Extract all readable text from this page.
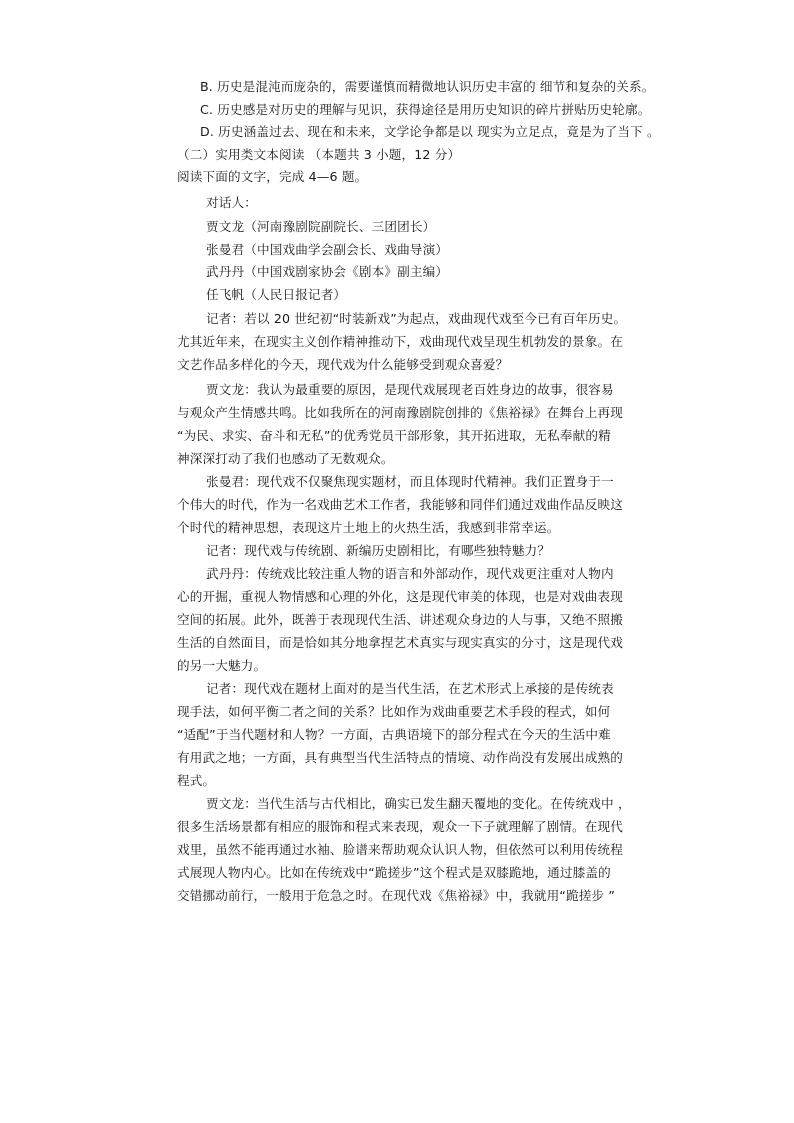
B. 历史是混沌而庞杂的，需要谨慎而精微地认识历史丰富的 细节和复杂的关系。
C. 历史感是对历史的理解与见识，获得途径是用历史知识的碎片拼贴历史轮廓。
D. 历史涵盖过去、现在和未来，文学论争都是以 现实为立足点，竟是为了当下 。
（二）实用类文本阅读 （本题共 3 小题，12 分）
阅读下面的文字，完成 4—6 题。
对话人：
贾文龙（河南豫剧院副院长、三团团长）
张曼君（中国戏曲学会副会长、戏曲导演）
武丹丹（中国戏剧家协会《剧本》副主编）
任飞帆（人民日报记者）
记者：若以 20 世纪初“时装新戏”为起点，戏曲现代戏至今已有百年历史。
尤其近年来，在现实主义创作精神推动下，戏曲现代戏呈现生机勃发的景象。在
文艺作品多样化的今天，现代戏为什么能够受到观众喜爱？
贾文龙：我认为最重要的原因，是现代戏展现老百姓身边的故事，很容易
与观众产生情感共鸣。比如我所在的河南豫剧院创排的《焦裕禄》在舞台上再现
“为民、求实、奋斗和无私”的优秀党员干部形象，其开拓进取，无私奉献的精
神深深打动了我们也感动了无数观众。
张曼君：现代戏不仅聚焦现实题材，而且体现时代精神。我们正置身于一
个伟大的时代，作为一名戏曲艺术工作者，我能够和同伴们通过戏曲作品反映这
个时代的精神思想，表现这片土地上的火热生活，我感到非常幸运。
记者：现代戏与传统剧、新编历史剧相比，有哪些独特魅力？
武丹丹：传统戏比较注重人物的语言和外部动作，现代戏更注重对人物内
心的开掘，重视人物情感和心理的外化，这是现代审美的体现，也是对戏曲表现
空间的拓展。此外，既善于表现现代生活、讲述观众身边的人与事，又绝不照搬
生活的自然面目，而是恰如其分地拿捏艺术真实与现实真实的分寸，这是现代戏
的另一大魅力。
记者：现代戏在题材上面对的是当代生活，在艺术形式上承接的是传统表
现手法，如何平衡二者之间的关系？比如作为戏曲重要艺术手段的程式，如何
“适配”于当代题材和人物？一方面，古典语境下的部分程式在今天的生活中难
有用武之地；一方面，具有典型当代生活特点的情境、动作尚没有发展出成熟的
程式。
贾文龙：当代生活与古代相比，确实已发生翻天覆地的变化。在传统戏中 ，
很多生活场景都有相应的服饰和程式来表现，观众一下子就理解了剧情。在现代
戏里，虽然不能再通过水袖、脸谱来帮助观众认识人物，但依然可以利用传统程
式展现人物内心。比如在传统戏中“跪搓步”这个程式是双膝跪地，通过膝盖的
交错挪动前行，一般用于危急之时。在现代戏《焦裕禄》中，我就用“跪搓步 ”
